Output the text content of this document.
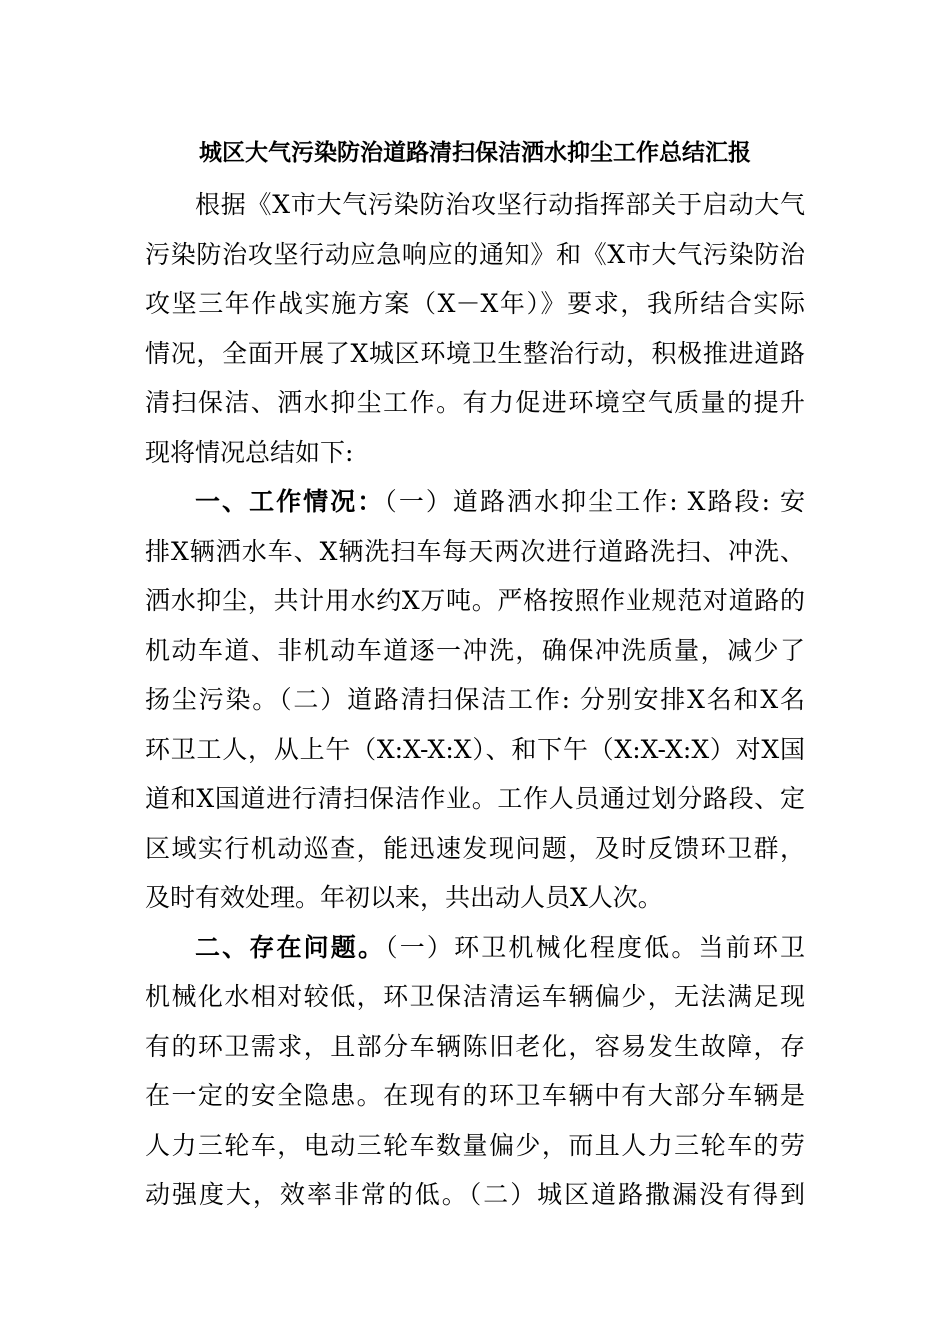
城区大气污染防治道路清扫保洁洒水抑尘工作总结汇报
根据《X市大气污染防治攻坚行动指挥部关于启动大气
污染防治攻坚行动应急响应的通知》和《X市大气污染防治
攻坚三年作战实施方案（X－X年）》要求，我所结合实际
情况，全面开展了X城区环境卫生整治行动，积极推进道路
清扫保洁、洒水抑尘工作。有力促进环境空气质量的提升
现将情况总结如下:
一、工作情况：（一）道路洒水抑尘工作: X路段: 安
排X辆洒水车、X辆洗扫车每天两次进行道路洗扫、冲洗、
洒水抑尘，共计用水约X万吨。严格按照作业规范对道路的
机动车道、非机动车道逐一冲洗，确保冲洗质量，减少了
扬尘污染。（二）道路清扫保洁工作: 分别安排X名和X名
环卫工人，从上午（X:X-X:X）、和下午（X:X-X:X）对X国
道和X国道进行清扫保洁作业。工作人员通过划分路段、定
区域实行机动巡查，能迅速发现问题，及时反馈环卫群，
及时有效处理。年初以来，共出动人员X人次。
二、存在问题。（一）环卫机械化程度低。当前环卫
机械化水相对较低，环卫保洁清运车辆偏少，无法满足现
有的环卫需求，且部分车辆陈旧老化，容易发生故障，存
在一定的安全隐患。在现有的环卫车辆中有大部分车辆是
人力三轮车，电动三轮车数量偏少，而且人力三轮车的劳
动强度大，效率非常的低。（二）城区道路撒漏没有得到
